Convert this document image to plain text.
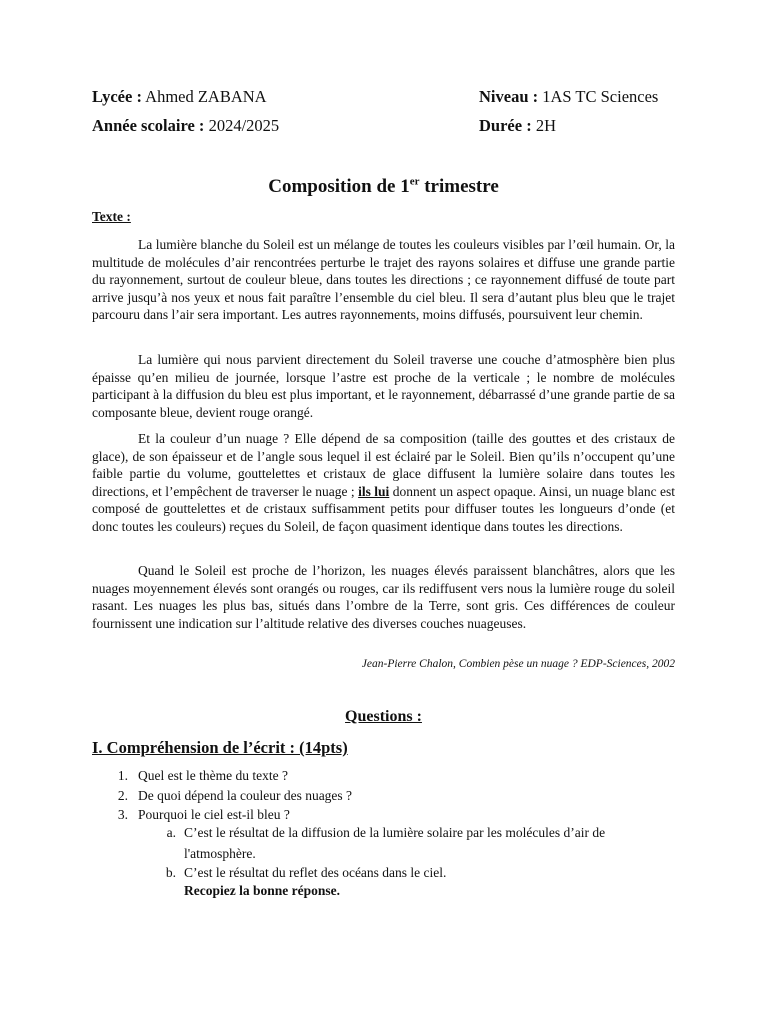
Lycée : Ahmed ZABANA	Niveau : 1AS TC Sciences
Année scolaire : 2024/2025	Durée : 2H
Composition de 1er trimestre
Texte :

La lumière blanche du Soleil est un mélange de toutes les couleurs visibles par l’œil humain. Or, la multitude de molécules d’air rencontrées perturbe le trajet des rayons solaires et diffuse une grande partie du rayonnement, surtout de couleur bleue, dans toutes les directions ; ce rayonnement diffusé de toute part arrive jusqu’à nos yeux et nous fait paraître l’ensemble du ciel bleu. Il sera d’autant plus bleu que le trajet parcouru dans l’air sera important. Les autres rayonnements, moins diffusés, poursuivent leur chemin.

La lumière qui nous parvient directement du Soleil traverse une couche d’atmosphère bien plus épaisse qu’en milieu de journée, lorsque l’astre est proche de la verticale ; le nombre de molécules participant à la diffusion du bleu est plus important, et le rayonnement, débarrassé d’une grande partie de sa composante bleue, devient rouge orangé.

Et la couleur d’un nuage ? Elle dépend de sa composition (taille des gouttes et des cristaux de glace), de son épaisseur et de l’angle sous lequel il est éclairé par le Soleil. Bien qu’ils n’occupent qu’une faible partie du volume, gouttelettes et cristaux de glace diffusent la lumière solaire dans toutes les directions, et l’empêchent de traverser le nuage ; ils lui donnent un aspect opaque. Ainsi, un nuage blanc est composé de gouttelettes et de cristaux suffisamment petits pour diffuser toutes les longueurs d’onde (et donc toutes les couleurs) reçues du Soleil, de façon quasiment identique dans toutes les directions.

Quand le Soleil est proche de l’horizon, les nuages élevés paraissent blanchâtres, alors que les nuages moyennement élevés sont orangés ou rouges, car ils rediffusent vers nous la lumière rouge du soleil rasant. Les nuages les plus bas, situés dans l’ombre de la Terre, sont gris. Ces différences de couleur fournissent une indication sur l’altitude relative des diverses couches nuageuses.

Jean-Pierre Chalon, Combien pèse un nuage ? EDP-Sciences, 2002
Questions :
I. Compréhension de l’écrit : (14pts)
1. Quel est le thème du texte ?
2. De quoi dépend la couleur des nuages ?
3. Pourquoi le ciel est-il bleu ?
a. C’est le résultat de la diffusion de la lumière solaire par les molécules d’air de l'atmosphère.
b. C’est le résultat du reflet des océans dans le ciel.
Recopiez la bonne réponse.
